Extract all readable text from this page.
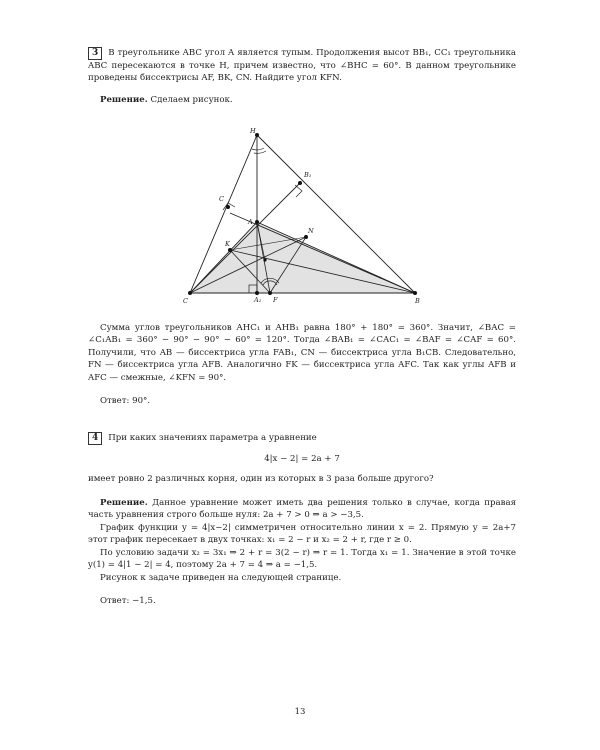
3 В треугольнике ABC угол A является тупым. Продолжения высот BB₁, CC₁ треугольника ABC пересекаются в точке H, причем известно, что ∠BHC = 60°. В данном треугольнике проведены биссектрисы AF, BK, CN. Найдите угол KFN.

Решение. Сделаем рисунок.

H
B₁
C
A
K
N
C	A₁ F	B

Сумма углов треугольников AHC₁ и AHB₁ равна 180° + 180° = 360°. Значит, ∠BAC = ∠C₁AB₁ = 360° − 90° − 90° − 60° = 120°. Тогда ∠BAB₁ = ∠CAC₁ = ∠BAF = ∠CAF = 60°. Получили, что AB — биссектриса угла FAB₁, CN — биссектриса угла B₁CB. Следовательно, FN — биссектриса угла AFB. Аналогично FK — биссектриса угла AFC. Так как углы AFB и AFC — смежные, ∠KFN = 90°.

Ответ: 90°.

4 При каких значениях параметра a уравнение

4|x − 2| = 2a + 7

имеет ровно 2 различных корня, один из которых в 3 раза больше другого?

Решение. Данное уравнение может иметь два решения только в случае, когда правая часть уравнения строго больше нуля: 2a + 7 > 0 ⇒ a > −3,5.

График функции y = 4|x−2| симметричен относительно линии x = 2. Прямую y = 2a+7 этот график пересекает в двух точках: x₁ = 2 − r и x₂ = 2 + r, где r ≥ 0.

По условию задачи x₂ = 3x₁ ⇒ 2 + r = 3(2 − r) ⇒ r = 1. Тогда x₁ = 1. Значение в этой точке y(1) = 4|1 − 2| = 4, поэтому 2a + 7 = 4 ⇒ a = −1,5.

Рисунок к задаче приведен на следующей странице.

Ответ: −1,5.

13
